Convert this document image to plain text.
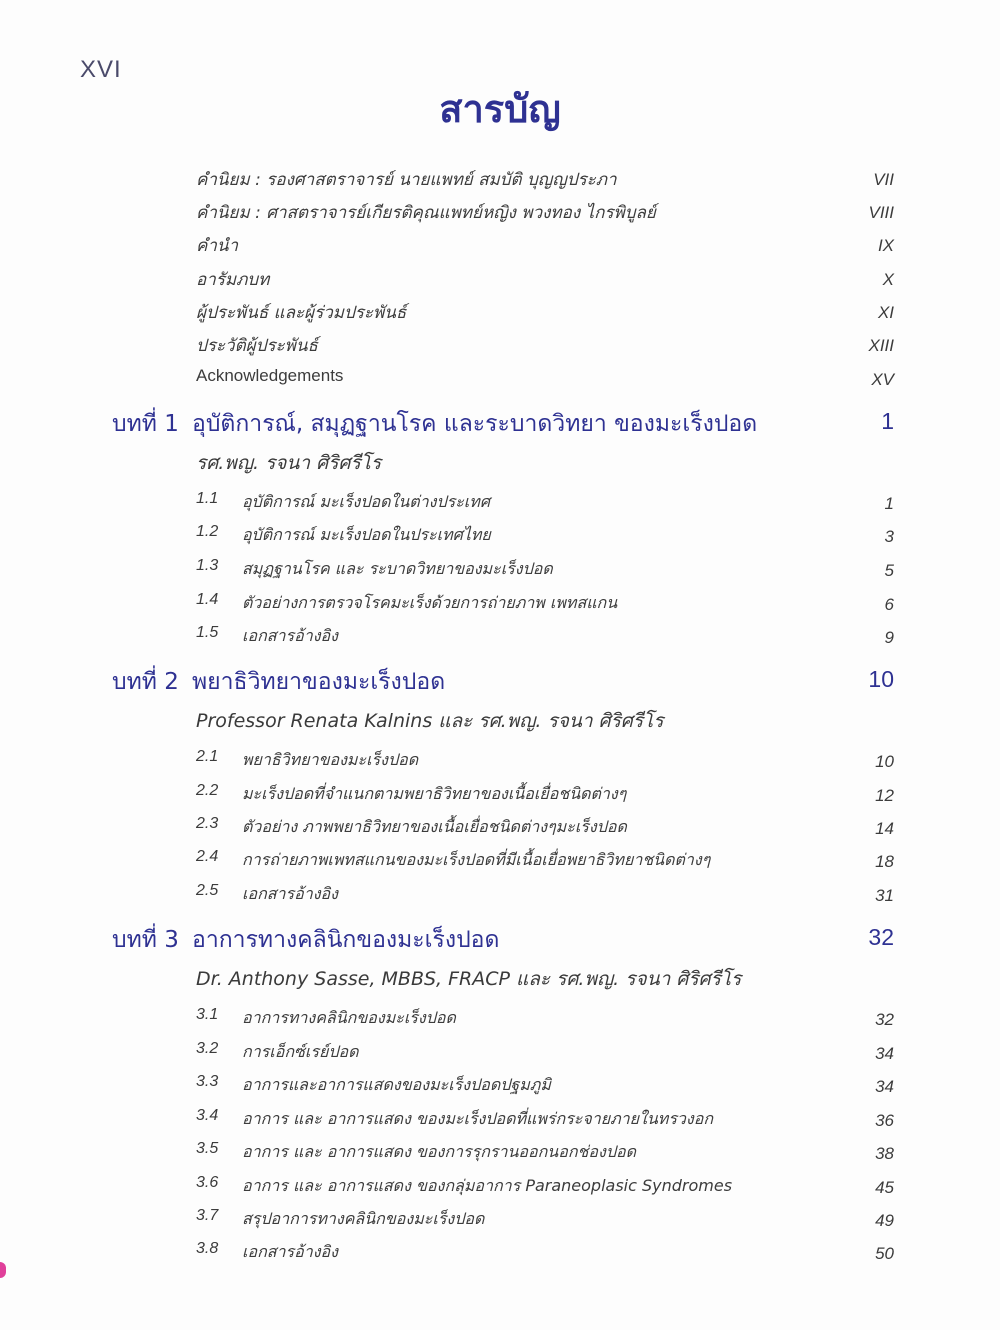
XVI
สารบัญ
คำนิยม : รองศาสตราจารย์ นายแพทย์ สมบัติ บุญญประภา	VII
คำนิยม : ศาสตราจารย์เกียรติคุณแพทย์หญิง พวงทอง ไกรพิบูลย์	VIII
คำนำ	IX
อารัมภบท	X
ผู้ประพันธ์ และผู้ร่วมประพันธ์	XI
ประวัติผู้ประพันธ์	XIII
Acknowledgements	XV
บทที่ 1 อุบัติการณ์, สมุฏฐานโรค และระบาดวิทยา ของมะเร็งปอด	1
รศ.พญ. รจนา ศิริศรีโร
1.1 อุบัติการณ์ มะเร็งปอดในต่างประเทศ	1
1.2 อุบัติการณ์ มะเร็งปอดในประเทศไทย	3
1.3 สมุฏฐานโรค และ ระบาดวิทยาของมะเร็งปอด	5
1.4 ตัวอย่างการตรวจโรคมะเร็งด้วยการถ่ายภาพ เพทสแกน	6
1.5 เอกสารอ้างอิง	9
บทที่ 2 พยาธิวิทยาของมะเร็งปอด	10
Professor Renata Kalnins และ รศ.พญ. รจนา ศิริศรีโร
2.1 พยาธิวิทยาของมะเร็งปอด	10
2.2 มะเร็งปอดที่จำแนกตามพยาธิวิทยาของเนื้อเยื่อชนิดต่างๆ	12
2.3 ตัวอย่าง ภาพพยาธิวิทยาของเนื้อเยื่อชนิดต่างๆมะเร็งปอด	14
2.4 การถ่ายภาพเพทสแกนของมะเร็งปอดที่มีเนื้อเยื่อพยาธิวิทยาชนิดต่างๆ	18
2.5 เอกสารอ้างอิง	31
บทที่ 3 อาการทางคลินิกของมะเร็งปอด	32
Dr. Anthony Sasse, MBBS, FRACP และ รศ.พญ. รจนา ศิริศรีโร
3.1 อาการทางคลินิกของมะเร็งปอด	32
3.2 การเอ็กซ์เรย์ปอด	34
3.3 อาการและอาการแสดงของมะเร็งปอดปฐมภูมิ	34
3.4 อาการ และ อาการแสดง ของมะเร็งปอดที่แพร่กระจายภายในทรวงอก	36
3.5 อาการ และ อาการแสดง ของการรุกรานออกนอกช่องปอด	38
3.6 อาการ และ อาการแสดง ของกลุ่มอาการ Paraneoplasic Syndromes	45
3.7 สรุปอาการทางคลินิกของมะเร็งปอด	49
3.8 เอกสารอ้างอิง	50
